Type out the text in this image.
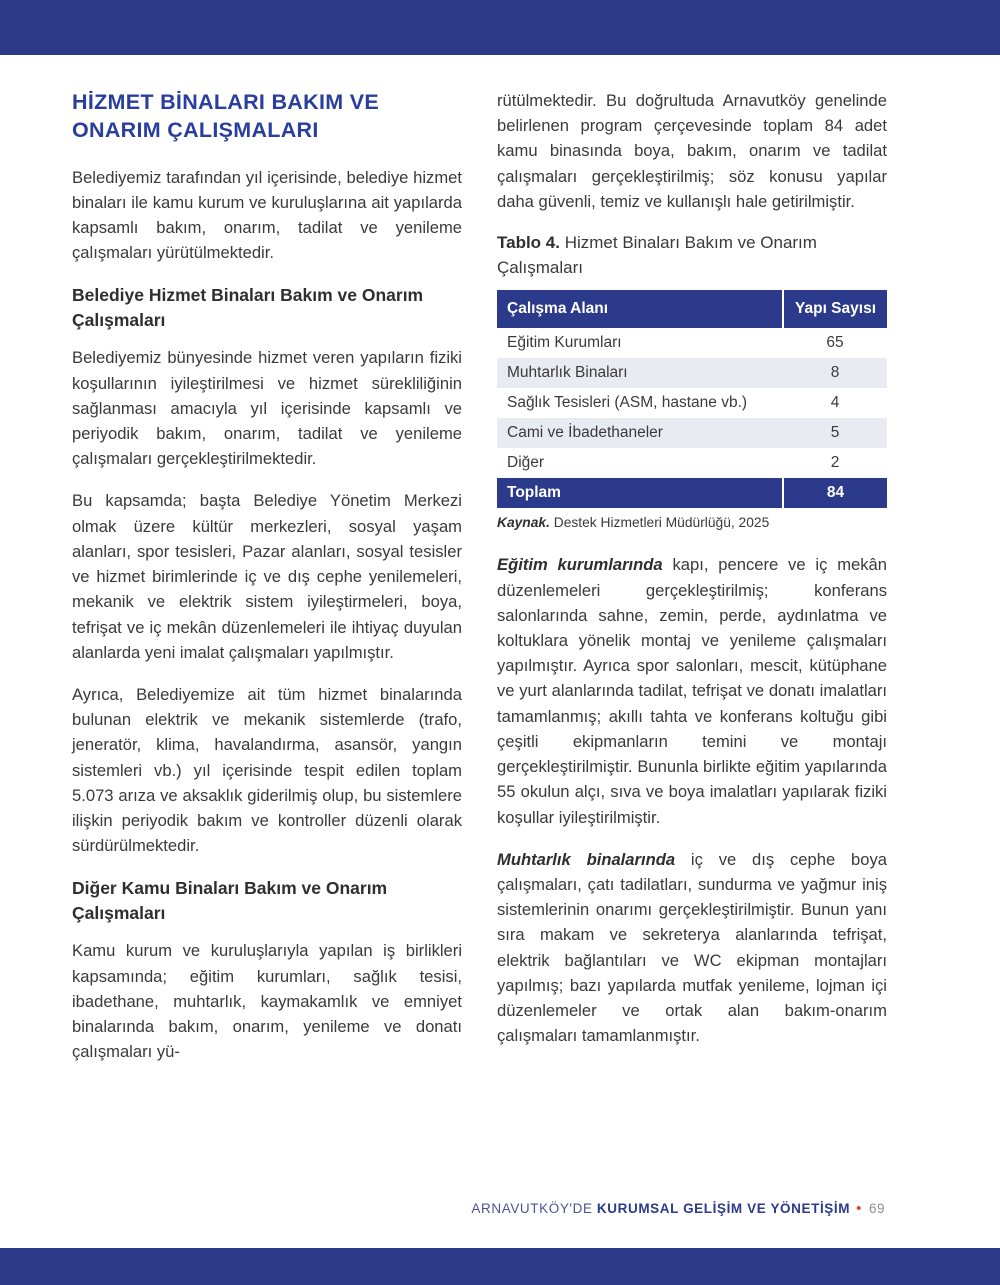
HİZMET BİNALARI BAKIM VE ONARIM ÇALIŞMALARI

Belediyemiz tarafından yıl içerisinde, belediye hizmet binaları ile kamu kurum ve kuruluşlarına ait yapılarda kapsamlı bakım, onarım, tadilat ve yenileme çalışmaları yürütülmektedir.

Belediye Hizmet Binaları Bakım ve Onarım Çalışmaları

Belediyemiz bünyesinde hizmet veren yapıların fiziki koşullarının iyileştirilmesi ve hizmet sürekliliğinin sağlanması amacıyla yıl içerisinde kapsamlı ve periyodik bakım, onarım, tadilat ve yenileme çalışmaları gerçekleştirilmektedir.

Bu kapsamda; başta Belediye Yönetim Merkezi olmak üzere kültür merkezleri, sosyal yaşam alanları, spor tesisleri, Pazar alanları, sosyal tesisler ve hizmet birimlerinde iç ve dış cephe yenilemeleri, mekanik ve elektrik sistem iyileştirmeleri, boya, tefrişat ve iç mekân düzenlemeleri ile ihtiyaç duyulan alanlarda yeni imalat çalışmaları yapılmıştır.

Ayrıca, Belediyemize ait tüm hizmet binalarında bulunan elektrik ve mekanik sistemlerde (trafo, jeneratör, klima, havalandırma, asansör, yangın sistemleri vb.) yıl içerisinde tespit edilen toplam 5.073 arıza ve aksaklık giderilmiş olup, bu sistemlere ilişkin periyodik bakım ve kontroller düzenli olarak sürdürülmektedir.

Diğer Kamu Binaları Bakım ve Onarım Çalışmaları

Kamu kurum ve kuruluşlarıyla yapılan iş birlikleri kapsamında; eğitim kurumları, sağlık tesisi, ibadethane, muhtarlık, kaymakamlık ve emniyet binalarında bakım, onarım, yenileme ve donatı çalışmaları yü-

rütülmektedir. Bu doğrultuda Arnavutköy genelinde belirlenen program çerçevesinde toplam 84 adet kamu binasında boya, bakım, onarım ve tadilat çalışmaları gerçekleştirilmiş; söz konusu yapılar daha güvenli, temiz ve kullanışlı hale getirilmiştir.

Tablo 4. Hizmet Binaları Bakım ve Onarım Çalışmaları

Çalışma Alanı	Yapı Sayısı
Eğitim Kurumları	65
Muhtarlık Binaları	8
Sağlık Tesisleri (ASM, hastane vb.)	4
Cami ve İbadethaneler	5
Diğer	2
Toplam	84

Kaynak. Destek Hizmetleri Müdürlüğü, 2025

Eğitim kurumlarında kapı, pencere ve iç mekân düzenlemeleri gerçekleştirilmiş; konferans salonlarında sahne, zemin, perde, aydınlatma ve koltuklara yönelik montaj ve yenileme çalışmaları yapılmıştır. Ayrıca spor salonları, mescit, kütüphane ve yurt alanlarında tadilat, tefrişat ve donatı imalatları tamamlanmış; akıllı tahta ve konferans koltuğu gibi çeşitli ekipmanların temini ve montajı gerçekleştirilmiştir. Bununla birlikte eğitim yapılarında 55 okulun alçı, sıva ve boya imalatları yapılarak fiziki koşullar iyileştirilmiştir.

Muhtarlık binalarında iç ve dış cephe boya çalışmaları, çatı tadilatları, sundurma ve yağmur iniş sistemlerinin onarımı gerçekleştirilmiştir. Bunun yanı sıra makam ve sekreterya alanlarında tefrişat, elektrik bağlantıları ve WC ekipman montajları yapılmış; bazı yapılarda mutfak yenileme, lojman içi düzenlemeler ve ortak alan bakım-onarım çalışmaları tamamlanmıştır.

ARNAVUTKÖY'DE KURUMSAL GELİŞİM VE YÖNETİŞİM • 69
